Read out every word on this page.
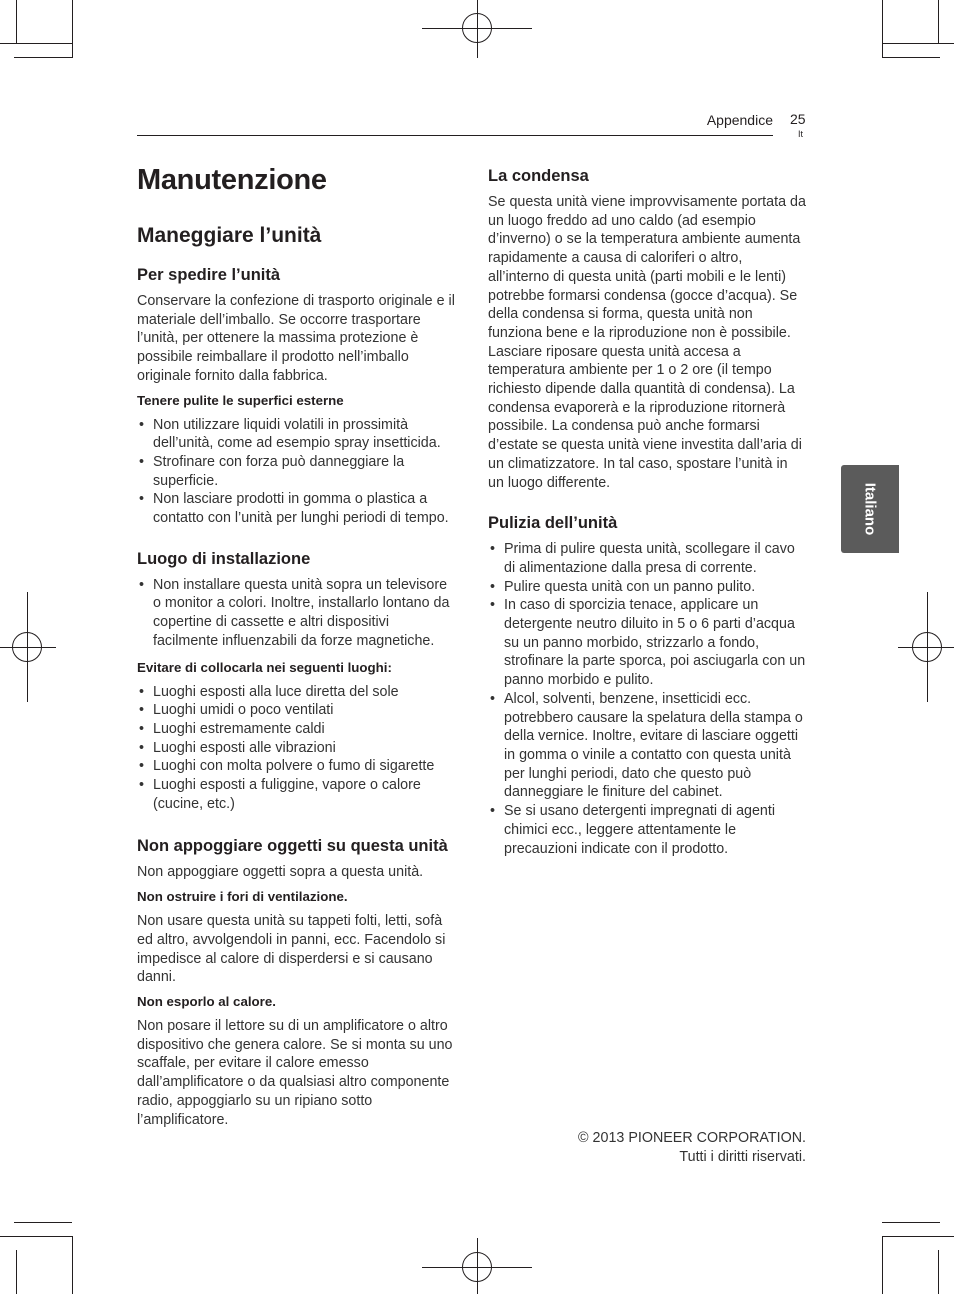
Appendice 25
It
Italiano
Manutenzione
Maneggiare l’unità
Per spedire l’unità

Conservare la confezione di trasporto originale e il materiale dell’imballo. Se occorre trasportare l’unità, per ottenere la massima protezione è possibile reimballare il prodotto nell’imballo originale fornito dalla fabbrica.

Tenere pulite le superfici esterne
• Non utilizzare liquidi volatili in prossimità dell’unità, come ad esempio spray insetticida.
• Strofinare con forza può danneggiare la superficie.
• Non lasciare prodotti in gomma o plastica a contatto con l’unità per lunghi periodi di tempo.
Luogo di installazione
• Non installare questa unità sopra un televisore o monitor a colori. Inoltre, installarlo lontano da copertine di cassette e altri dispositivi facilmente influenzabili da forze magnetiche.
Evitare di collocarla nei seguenti luoghi:
• Luoghi esposti alla luce diretta del sole
• Luoghi umidi o poco ventilati
• Luoghi estremamente caldi
• Luoghi esposti alle vibrazioni
• Luoghi con molta polvere o fumo di sigarette
• Luoghi esposti a fuliggine, vapore o calore (cucine, etc.)
Non appoggiare oggetti su questa unità

Non appoggiare oggetti sopra a questa unità.

Non ostruire i fori di ventilazione.

Non usare questa unità su tappeti folti, letti, sofà ed altro, avvolgendoli in panni, ecc. Facendolo si impedisce al calore di disperdersi e si causano danni.

Non esporlo al calore.

Non posare il lettore su di un amplificatore o altro dispositivo che genera calore. Se si monta su uno scaffale, per evitare il calore emesso dall’amplificatore o da qualsiasi altro componente radio, appoggiarlo su un ripiano sotto l’amplificatore.

La condensa

Se questa unità viene improvvisamente portata da un luogo freddo ad uno caldo (ad esempio d’inverno) o se la temperatura ambiente aumenta rapidamente a causa di caloriferi o altro, all’interno di questa unità (parti mobili e le lenti) potrebbe formarsi condensa (gocce d’acqua). Se della condensa si forma, questa unità non funziona bene e la riproduzione non è possibile. Lasciare riposare questa unità accesa a temperatura ambiente per 1 o 2 ore (il tempo richiesto dipende dalla quantità di condensa). La condensa evaporerà e la riproduzione ritornerà possibile. La condensa può anche formarsi d’estate se questa unità viene investita dall’aria di un climatizzatore. In tal caso, spostare l’unità in un luogo differente.

Pulizia dell’unità
• Prima di pulire questa unità, scollegare il cavo di alimentazione dalla presa di corrente.
• Pulire questa unità con un panno pulito.
• In caso di sporcizia tenace, applicare un detergente neutro diluito in 5 o 6 parti d’acqua su un panno morbido, strizzarlo a fondo, strofinare la parte sporca, poi asciugarla con un panno morbido e pulito.
• Alcol, solventi, benzene, insetticidi ecc. potrebbero causare la spelatura della stampa o della vernice. Inoltre, evitare di lasciare oggetti in gomma o vinile a contatto con questa unità per lunghi periodi, dato che questo può danneggiare le finiture del cabinet.
• Se si usano detergenti impregnati di agenti chimici ecc., leggere attentamente le precauzioni indicate con il prodotto.
© 2013 PIONEER CORPORATION.
Tutti i diritti riservati.
